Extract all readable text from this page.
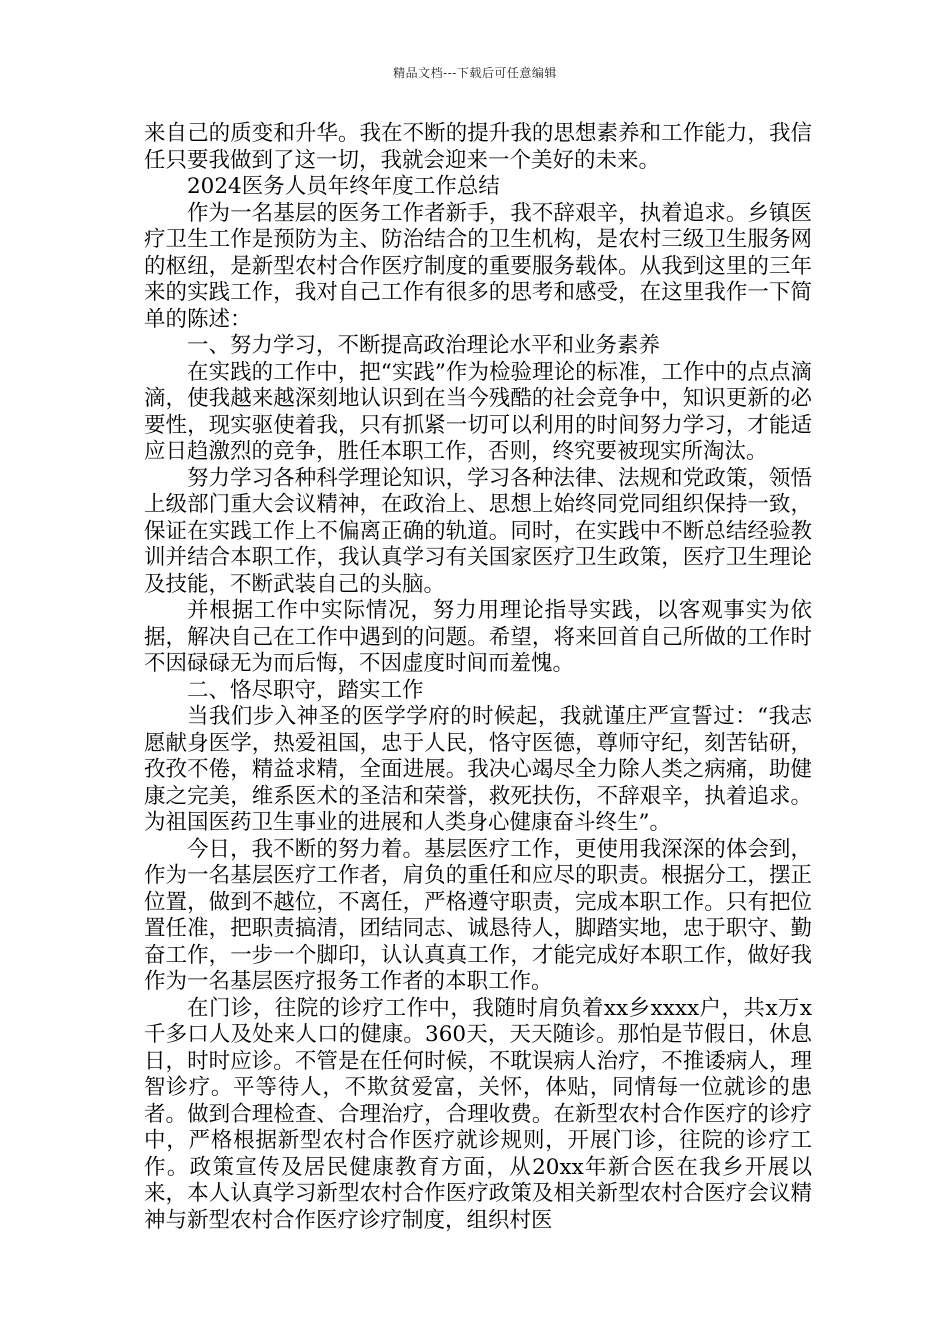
精品文档---下载后可任意编辑

来自己的质变和升华。我在不断的提升我的思想素养和工作能力，我信任只要我做到了这一切，我就会迎来一个美好的未来。

2024医务人员年终年度工作总结

作为一名基层的医务工作者新手，我不辞艰辛，执着追求。乡镇医疗卫生工作是预防为主、防治结合的卫生机构，是农村三级卫生服务网的枢纽，是新型农村合作医疗制度的重要服务载体。从我到这里的三年来的实践工作，我对自己工作有很多的思考和感受，在这里我作一下简单的陈述：

一、努力学习，不断提高政治理论水平和业务素养

在实践的工作中，把“实践”作为检验理论的标准，工作中的点点滴滴，使我越来越深刻地认识到在当今残酷的社会竞争中，知识更新的必要性，现实驱使着我，只有抓紧一切可以利用的时间努力学习，才能适应日趋激烈的竞争，胜任本职工作，否则，终究要被现实所淘汰。

努力学习各种科学理论知识，学习各种法律、法规和党政策，领悟上级部门重大会议精神，在政治上、思想上始终同党同组织保持一致，保证在实践工作上不偏离正确的轨道。同时，在实践中不断总结经验教训并结合本职工作，我认真学习有关国家医疗卫生政策，医疗卫生理论及技能，不断武装自己的头脑。

并根据工作中实际情况，努力用理论指导实践，以客观事实为依据，解决自己在工作中遇到的问题。希望，将来回首自己所做的工作时不因碌碌无为而后悔，不因虚度时间而羞愧。

二、恪尽职守，踏实工作

当我们步入神圣的医学学府的时候起，我就谨庄严宣誓过：“我志愿献身医学，热爱祖国，忠于人民，恪守医德，尊师守纪，刻苦钻研，孜孜不倦，精益求精，全面进展。我决心竭尽全力除人类之病痛，助健康之完美，维系医术的圣洁和荣誉，救死扶伤，不辞艰辛，执着追求。为祖国医药卫生事业的进展和人类身心健康奋斗终生”。

今日，我不断的努力着。基层医疗工作，更使用我深深的体会到，作为一名基层医疗工作者，肩负的重任和应尽的职责。根据分工，摆正位置，做到不越位，不离任，严格遵守职责，完成本职工作。只有把位置任准，把职责搞清，团结同志、诚恳待人，脚踏实地，忠于职守、勤奋工作，一步一个脚印，认认真真工作，才能完成好本职工作，做好我作为一名基层医疗报务工作者的本职工作。

在门诊，往院的诊疗工作中，我随时肩负着xx乡xxxx户，共x万x千多口人及处来人口的健康。360天，天天随诊。那怕是节假日，休息日，时时应诊。不管是在任何时候，不耽误病人治疗，不推诿病人，理智诊疗。平等待人，不欺贫爱富，关怀，体贴，同情每一位就诊的患者。做到合理检查、合理治疗，合理收费。在新型农村合作医疗的诊疗中，严格根据新型农村合作医疗就诊规则，开展门诊，往院的诊疗工作。政策宣传及居民健康教育方面，从20xx年新合医在我乡开展以来，本人认真学习新型农村合作医疗政策及相关新型农村合医疗会议精神与新型农村合作医疗诊疗制度，组织村医
